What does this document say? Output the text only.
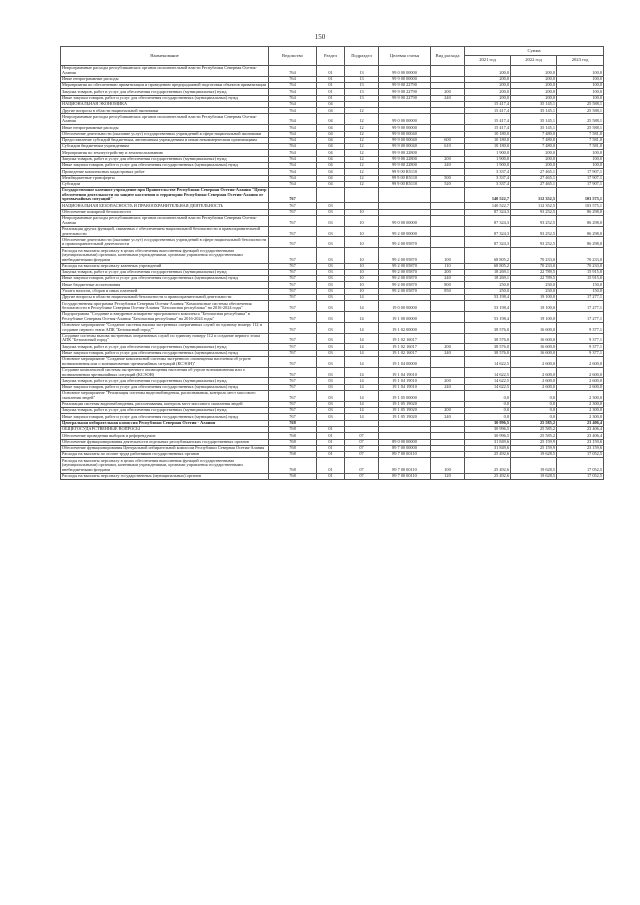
150
Наименование	Ведомство	Раздел	Подраздел	Целевая статья	Вид расхода	Сумма		
						2021 год	2022 год	2023 год
Непрограммные расходы республиканских органов исполнительной власти Республики Северная Осетия-Алания	764	01	13	99 0 00 00000		200,0	200,0	100,0
Иные непрограммные расходы	764	01	13	99 9 00 00000		200,0	200,0	100,0
Мероприятия по обеспечению приватизации и проведению предпродажной подготовки объектов приватизации	764	01	13	99 9 00 22790		200,0	200,0	100,0
Закупка товаров, работ и услуг для обеспечения государственных (муниципальных) нужд	764	01	13	99 9 00 22790	200	200,0	200,0	100,0
Иные закупки товаров, работ и услуг для обеспечения государственных (муниципальных) нужд	764	01	13	99 9 00 22790	240	200,0	200,0	100,0
НАЦИОНАЛЬНАЯ ЭКОНОМИКА	764	04				15 417,4	35 145,1	25 588,1
Другие вопросы в области национальной экономики	764	04	12			15 417,4	35 145,1	25 588,1
Непрограммные расходы республиканских органов исполнительной власти Республики Северная Осетия-Алания	764	04	12	99 0 00 00000		15 417,4	35 145,1	25 588,1
Иные непрограммные расходы	764	04	12	99 9 00 00000		15 417,4	35 145,1	25 588,1
Обеспечение деятельности (оказание услуг) государственных учреждений в сфере национальной экономики	764	04	12	99 9 00 00040		10 180,0	7 480,0	7 581,0
Предоставление субсидий бюджетным, автономным учреждениям и иным некоммерческим организациям	764	04	12	99 9 00 00040	600	10 180,0	7 480,0	7 581,0
Субсидии бюджетным учреждениям	764	04	12	99 9 00 00040	610	10 180,0	7 480,0	7 581,0
Мероприятия по землеустройству и землепользованию	764	04	12	99 9 00 22800		1 900,0	200,0	100,0
Закупка товаров, работ и услуг для обеспечения государственных (муниципальных) нужд	764	04	12	99 9 00 22800	200	1 900,0	200,0	100,0
Иные закупки товаров, работ и услуг для обеспечения государственных (муниципальных) нужд	764	04	12	99 9 00 22800	240	1 900,0	200,0	100,0
Проведение комплексных кадастровых работ	764	04	12	99 9 00 R5110		3 337,4	27 465,1	17 907,1
Межбюджетные трансферты	764	04	12	99 9 00 R5110	500	3 337,4	27 465,1	17 907,1
Субсидии	764	04	12	99 9 00 R5110	520	3 337,4	27 465,1	17 907,1
Государственное казенное учреждение при Правительстве Республики Северная Осетия-Алания "Центр обеспечения деятельности по защите населения и территории Республики Северная Осетия-Алания от чрезвычайных ситуаций"	767					140 522,7	112 352,5	103 575,1
НАЦИОНАЛЬНАЯ БЕЗОПАСНОСТЬ И ПРАВООХРАНИТЕЛЬНАЯ ДЕЯТЕЛЬНОСТЬ	767	03				140 522,7	112 352,5	103 575,1
Обеспечение пожарной безопасности	767	03	10			87 324,3	93 252,5	86 298,0
Непрограммные расходы республиканских органов исполнительной власти Республики Северная Осетия-Алания	767	03	10	99 0 00 00000		87 324,3	93 252,5	86 298,0
Реализация других функций, связанных с обеспечением национальной безопасности и правоохранительной деятельности	767	03	10	99 2 00 00000		87 324,3	93 252,5	86 298,0
Обеспечение деятельности (оказание услуг) государственных учреждений в сфере национальной безопасности и правоохранительной деятельности	767	03	10	99 2 00 05870		87 324,3	93 252,5	86 298,0
Расходы на выплаты персоналу в целях обеспечения выполнения функций государственными (муниципальными) органами, казенными учреждениями, органами управления государственными внебюджетными фондами	767	03	10	99 2 00 05870	100	68 805,2	70 233,0	70 233,0
Расходы на выплаты персоналу казенных учреждений	767	03	10	99 2 00 05870	110	68 805,2	70 233,0	70 233,0
Закупка товаров, работ и услуг для обеспечения государственных (муниципальных) нужд	767	03	10	99 2 00 05870	200	18 269,1	22 789,5	15 915,0
Иные закупки товаров, работ и услуг для обеспечения государственных (муниципальных) нужд	767	03	10	99 2 00 05870	240	18 269,1	22 789,5	15 915,0
Иные бюджетные ассигнования	767	03	10	99 2 00 05870	800	250,0	230,0	150,0
Уплата налогов, сборов и иных платежей	767	03	10	99 2 00 05870	850	250,0	230,0	150,0
Другие вопросы в области национальной безопасности и правоохранительной деятельности	767	03	14			53 198,4	19 100,0	17 277,1
Государственная программа Республики Северная Осетия-Алания "Комплексные системы обеспечения безопасности в Республике Северная Осетия-Алания "Безопасная республика" на 2016-2024 годы"	767	03	14	19 0 00 00000		53 198,4	19 100,0	17 277,1
Подпрограмма "Создание и внедрение аппаратно-программного комплекса "Безопасная республика" в Республике Северная Осетия-Алания "Безопасная республика" на 2016-2024 годы"	767	03	14	19 1 00 00000		53 198,4	19 100,0	17 277,1
Основное мероприятие "Создание системы вызова экстренных оперативных служб по единому номеру 112 и создание первого этапа АПК "Безопасный город""	767	03	14	19 1 02 00000		38 576,0	16 600,0	9 377,1
Создание системы вызова экстренных оперативных служб по единому номеру 112 и создание первого этапа АПК "Безопасный город"	767	03	14	19 1 02 16017		38 576,0	16 600,0	9 377,1
Закупка товаров, работ и услуг для обеспечения государственных (муниципальных) нужд	767	03	14	19 1 02 16017	200	38 576,0	16 600,0	9 377,1
Иные закупки товаров, работ и услуг для обеспечения государственных (муниципальных) нужд	767	03	14	19 1 02 16017	240	38 576,0	16 600,0	9 377,1
Основное мероприятие "Создание комплексной системы экстренного оповещения населения об угрозе возникновения или о возникновении чрезвычайных ситуаций (КСЭОН)"	767	03	14	19 1 04 00000		14 622,5	2 600,0	2 600,0
Создание комплексной системы экстренного оповещения населения об угрозе возникновения или о возникновении чрезвычайных ситуаций (КСЭОН)	767	03	14	19 1 04 19010		14 622,5	2 600,0	2 600,0
Закупка товаров, работ и услуг для обеспечения государственных (муниципальных) нужд	767	03	14	19 1 04 19010	200	14 622,5	2 600,0	2 600,0
Иные закупки товаров, работ и услуг для обеспечения государственных (муниципальных) нужд	767	03	14	19 1 04 19010	240	14 622,5	2 600,0	2 600,0
Основное мероприятие "Реализация системы видеонаблюдения, распознавания, контроль мест массового скопления людей"	767	03	14	19 1 05 00000		0,0	0,0	2 300,0
Реализация системы видеонаблюдения, распознавания, контроль мест массового скопления людей	767	03	14	19 1 05 19020		0,0	0,0	2 300,0
Закупка товаров, работ и услуг для обеспечения государственных (муниципальных) нужд	767	03	14	19 1 05 19020	200	0,0	0,0	2 300,0
Иные закупки товаров, работ и услуг для обеспечения государственных (муниципальных) нужд	767	03	14	19 1 05 19020	240	0,0	0,0	2 300,0
Центральная избирательная комиссия Республики Северная Осетия - Алания	768					30 996,5	25 585,2	23 406,4
ОБЩЕГОСУДАРСТВЕННЫЕ ВОПРОСЫ	768	01				30 996,5	25 585,2	23 406,4
Обеспечение проведения выборов и референдумов	768	01	07			30 996,5	25 585,2	23 406,4
Обеспечение функционирования деятельности отдельных республиканских государственных органов	768	01	07	89 0 00 00000		31 849,6	25 159,9	23 159,6
Обеспечение функционирования Центральной избирательной комиссии Республики Северная Осетия-Алания	768	01	07	89 7 00 00000		31 849,6	25 159,9	23 159,6
Расходы на выплаты по оплате труда работников государственных органов	768	01	07	89 7 00 00110		25 492,6	19 628,5	17 052,5
Расходы на выплаты персоналу в целях обеспечения выполнения функций государственными (муниципальными) органами, казенными учреждениями, органами управления государственными внебюджетными фондами	768	01	07	89 7 00 00110	100	25 492,6	19 628,5	17 052,5
Расходы на выплаты персоналу государственных (муниципальных) органов	768	01	07	89 7 00 00110	120	25 492,6	19 628,5	17 052,5
